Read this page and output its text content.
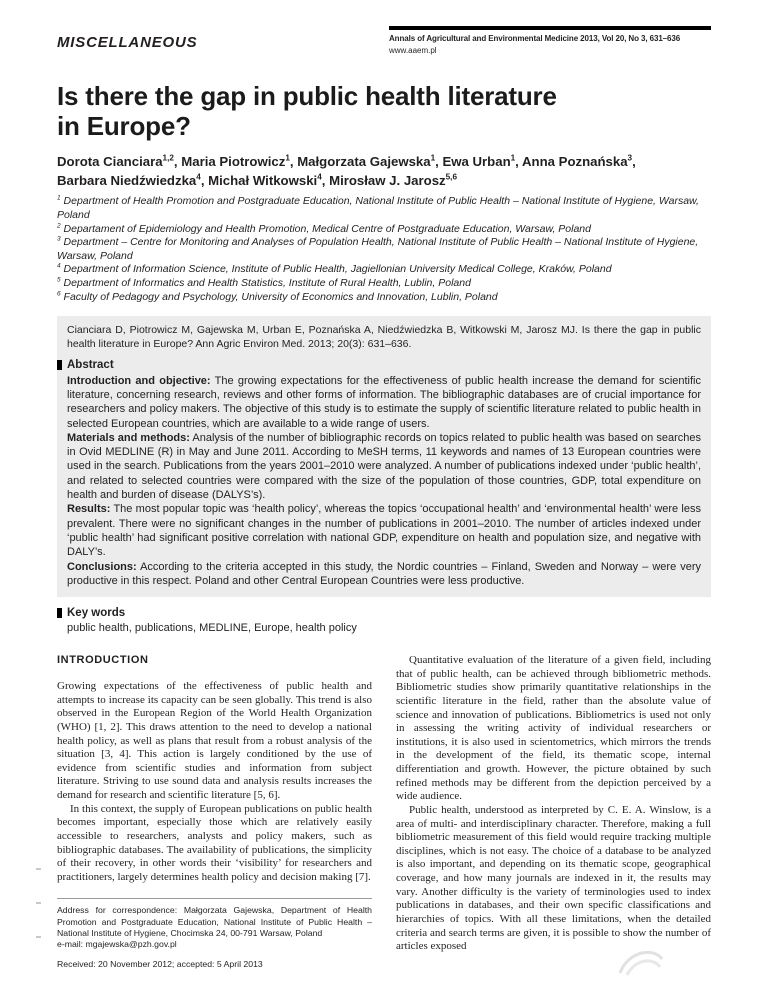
MISCELLANEOUS	Annals of Agricultural and Environmental Medicine 2013, Vol 20, No 3, 631–636
www.aaem.pl
Is there the gap in public health literature
in Europe?
Dorota Cianciara$^{1,2}$, Maria Piotrowicz$^1$, Małgorzata Gajewska$^1$, Ewa Urban$^1$, Anna Poznańska$^3$,
Barbara Niedźwiedzka$^4$, Michał Witkowski$^4$, Mirosław J. Jarosz$^{5,6}$

$^1$ Department of Health Promotion and Postgraduate Education, National Institute of Public Health – National Institute of Hygiene, Warsaw, Poland

$^2$ Departament of Epidemiology and Health Promotion, Medical Centre of Postgraduate Education, Warsaw, Poland

$^3$ Department – Centre for Monitoring and Analyses of Population Health, National Institute of Public Health – National Institute of Hygiene, Warsaw, Poland

$^4$ Department of Information Science, Institute of Public Health, Jagiellonian University Medical College, Kraków, Poland

$^5$ Department of Informatics and Health Statistics, Institute of Rural Health, Lublin, Poland

$^6$ Faculty of Pedagogy and Psychology, University of Economics and Innovation, Lublin, Poland

Cianciara D, Piotrowicz M, Gajewska M, Urban E, Poznańska A, Niedźwiedzka B, Witkowski M, Jarosz MJ. Is there the gap in public health literature in Europe? Ann Agric Environ Med. 2013; 20(3): 631–636.

Abstract

Introduction and objective: The growing expectations for the effectiveness of public health increase the demand for scientific literature, concerning research, reviews and other forms of information. The bibliographic databases are of crucial importance for researchers and policy makers. The objective of this study is to estimate the supply of scientific literature related to public health in selected European countries, which are available to a wide range of users.

Materials and methods: Analysis of the number of bibliographic records on topics related to public health was based on searches in Ovid MEDLINE (R) in May and June 2011. According to MeSH terms, 11 keywords and names of 13 European countries were used in the search. Publications from the years 2001–2010 were analyzed. A number of publications indexed under ‘public health’, and related to selected countries were compared with the size of the population of those countries, GDP, total expenditure on health and burden of disease (DALYS’s).

Results: The most popular topic was ‘health policy’, whereas the topics ‘occupational health’ and ‘environmental health’ were less prevalent. There were no significant changes in the number of publications in 2001–2010. The number of articles indexed under ‘public health’ had significant positive correlation with national GDP, expenditure on health and population size, and negative with DALY’s.

Conclusions: According to the criteria accepted in this study, the Nordic countries – Finland, Sweden and Norway – were very productive in this respect. Poland and other Central European Countries were less productive.

Key words

public health, publications, MEDLINE, Europe, health policy

INTRODUCTION

Growing expectations of the effectiveness of public health and attempts to increase its capacity can be seen globally. This trend is also observed in the European Region of the World Health Organization (WHO) [1, 2]. This draws attention to the need to develop a national health policy, as well as plans that result from a robust analysis of the situation [3, 4]. This action is largely conditioned by the use of evidence from scientific studies and information from subject literature. Striving to use sound data and analysis results increases the demand for research and scientific literature [5, 6].

In this context, the supply of European publications on public health becomes important, especially those which are relatively easily accessible to researchers, analysts and policy makers, such as bibliographic databases. The availability of publications, the simplicity of their recovery, in other words their ‘visibility’ for researchers and practitioners, largely determines health policy and decision making [7].

Address for correspondence: Małgorzata Gajewska, Department of Health Promotion and Postgraduate Education, National Institute of Public Health – National Institute of Hygiene, Chocimska 24, 00-791 Warsaw, Poland

e-mail: mgajewska@pzh.gov.pl

Received: 20 November 2012; accepted: 5 April 2013

Quantitative evaluation of the literature of a given field, including that of public health, can be achieved through bibliometric methods. Bibliometric studies show primarily quantitative relationships in the scientific literature in the field, rather than the absolute value of science and innovation of publications. Bibliometrics is used not only in assessing the writing activity of individual researchers or institutions, it is also used in scientometrics, which mirrors the trends in the development of the field, its thematic scope, internal differentiation and growth. However, the picture obtained by such refined methods may be different from the depiction perceived by a wide audience.

Public health, understood as interpreted by C. E. A. Winslow, is a area of multi- and interdisciplinary character. Therefore, making a full bibliometric measurement of this field would require tracking multiple disciplines, which is not easy. The choice of a database to be analyzed is also important, and depending on its thematic scope, geographical coverage, and how many journals are indexed in it, the results may vary. Another difficulty is the variety of terminologies used to index publications in databases, and their own specific classifications and hierarchies of topics. With all these limitations, when the detailed criteria and search terms are given, it is possible to show the number of articles exposed
